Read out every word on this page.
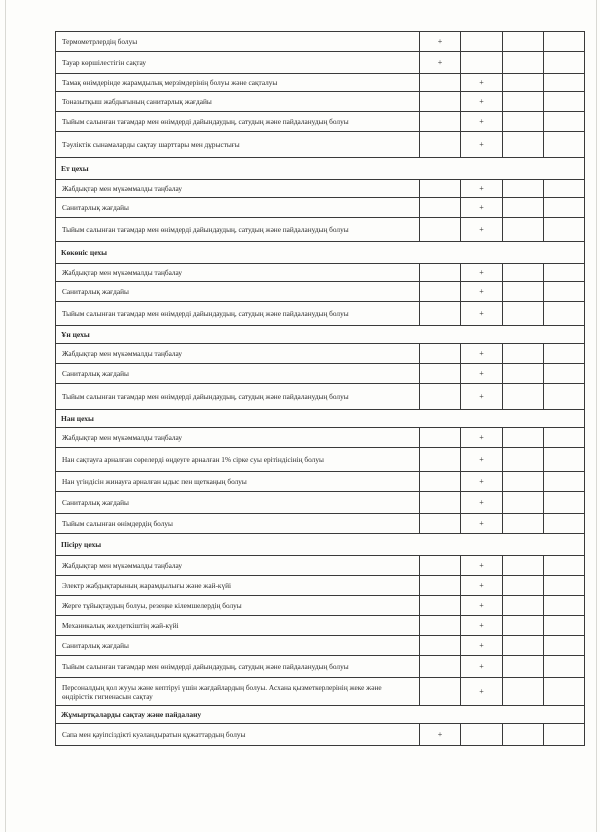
Термометрлердің болуы	+			
Тауар көршілестігін сақтау	+			
Тамақ өнімдерінде жарамдылық мерзімдерінің болуы және сақталуы		+		
Тоназытқыш жабдығының санитарлық жағдайы		+		
Тыйым салынған тағамдар мен өнімдерді дайындаудың, сатудың және пайдаланудың болуы		+		
Тәуліктік сынамаларды сақтау шарттары мен дұрыстығы		+		
Ет цехы				
Жабдықтар мен мүкәммалды таңбалау		+		
Санитарлық жағдайы		+		
Тыйым салынған тағамдар мен өнімдерді дайындаудың, сатудың және пайдаланудың болуы		+		
Көкөніс цехы				
Жабдықтар мен мүкәммалды таңбалау		+		
Санитарлық жағдайы		+		
Тыйым салынған тағамдар мен өнімдерді дайындаудың, сатудың және пайдаланудың болуы		+		
Ұн цехы				
Жабдықтар мен мүкәммалды таңбалау		+		
Санитарлық жағдайы		+		
Тыйым салынған тағамдар мен өнімдерді дайындаудың, сатудың және пайдаланудың болуы		+		
Нан цехы				
Жабдықтар мен мүкәммалды таңбалау		+		
Нан сақтауға арналған сөрелерді өңдеуге арналған 1% сірке суы ерітіндісінің болуы		+		
Нан үгіндісін жинауға арналған ыдыс пен щеткаңың болуы		+		
Санитарлық жағдайы		+		
Тыйым салынған өнімдердің болуы		+		
Пісіру цехы				
Жабдықтар мен мүкәммалды таңбалау		+		
Электр жабдықтарының жарамдылығы және жай-күйі		+		
Жерге тұйықтаудың болуы, резеңке кілемшелердің болуы		+		
Механикалық желдеткіштің жай-күйі		+		
Санитарлық жағдайы		+		
Тыйым салынған тағамдар мен өнімдерді дайындаудың, сатудың және пайдаланудың болуы		+		
Персоналдың қол жууы және кептіруі үшін жағдайлардың болуы. Асхана қызметкерлерінің жеке және өндірістік гигиенасын сақтау		+		
Жұмыртқаларды сақтау және пайдалану				
Сапа мен қауіпсіздікті куәландыратын құжаттардың болуы	+			
